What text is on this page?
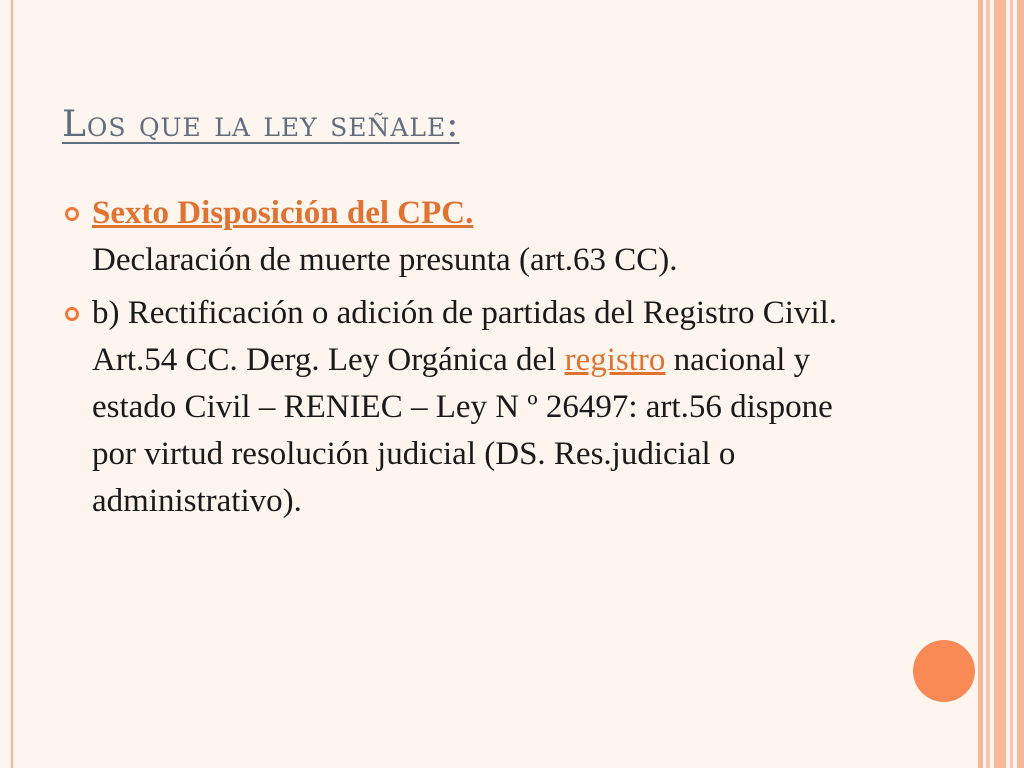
Los que la ley señale:
Sexto Disposición del CPC.
Declaración de muerte presunta (art.63 CC).
b) Rectificación o adición de partidas del Registro Civil. Art.54 CC. Derg. Ley Orgánica del registro nacional y estado Civil – RENIEC – Ley N º 26497: art.56 dispone por virtud resolución judicial (DS. Res.judicial o administrativo).
